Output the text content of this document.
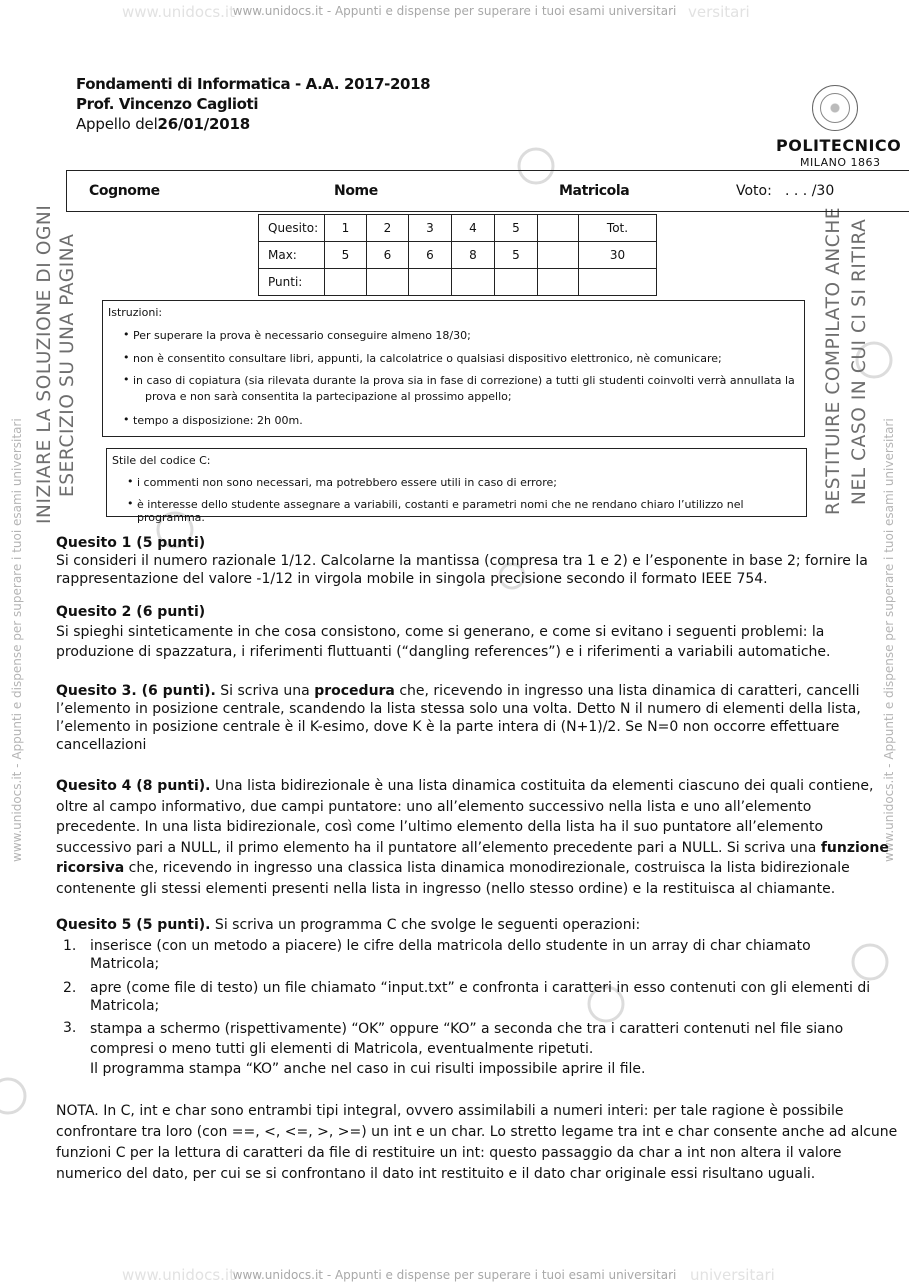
www.unidocs.it - Appunti e dispense per superare i tuoi esami universitari
www.unidocs.it	versitari
www.unidocs.it - Appunti e dispense per superare i tuoi esami universitari
www.unidocs.it	universitari
www.unidocs.it - Appunti e dispense per superare i tuoi esami universitari	www.unidocs.it - Appunti e dispense per superare i tuoi esami universitari
Fondamenti di Informatica - A.A. 2017-2018
Prof. Vincenzo Caglioti
Appello del26/01/2018
POLITECNICO
MILANO 1863
INIZIARE LA SOLUZIONE DI OGNI ESERCIZIO SU UNA PAGINA	RESTITUIRE COMPILATO ANCHE NEL CASO IN CUI CI SI RITIRA
Cognome	Nome	Matricola	Voto: . . . /30
Quesito:	1	2	3	4	5		Tot.
Max:	5	6	6	8	5		30
Punti:							
Istruzioni:
• Per superare la prova è necessario conseguire almeno 18/30;
• non è consentito consultare libri, appunti, la calcolatrice o qualsiasi dispositivo elettronico, nè comunicare;
• in caso di copiatura (sia rilevata durante la prova sia in fase di correzione) a tutti gli studenti coinvolti verrà annullata la
prova e non sarà consentita la partecipazione al prossimo appello;
• tempo a disposizione: 2h 00m.
Stile del codice C:
• i commenti non sono necessari, ma potrebbero essere utili in caso di errore;
• è interesse dello studente assegnare a variabili, costanti e parametri nomi che ne rendano chiaro l’utilizzo nel programma.
Quesito 1 (5 punti)
Si consideri il numero razionale 1/12. Calcolarne la mantissa (compresa tra 1 e 2) e l’esponente in base 2; fornire la
rappresentazione del valore -1/12 in virgola mobile in singola precisione secondo il formato IEEE 754.
Quesito 2 (6 punti)
Si spieghi sinteticamente in che cosa consistono, come si generano, e come si evitano i seguenti problemi: la
produzione di spazzatura, i riferimenti fluttuanti (“dangling references”) e i riferimenti a variabili automatiche.
Quesito 3. (6 punti). Si scriva una procedura che, ricevendo in ingresso una lista dinamica di caratteri, cancelli
l’elemento in posizione centrale, scandendo la lista stessa solo una volta. Detto N il numero di elementi della lista,
l’elemento in posizione centrale è il K-esimo, dove K è la parte intera di (N+1)/2. Se N=0 non occorre effettuare
cancellazioni
Quesito 4 (8 punti). Una lista bidirezionale è una lista dinamica costituita da elementi ciascuno dei quali contiene,
oltre al campo informativo, due campi puntatore: uno all’elemento successivo nella lista e uno all’elemento
precedente. In una lista bidirezionale, così come l’ultimo elemento della lista ha il suo puntatore all’elemento
successivo pari a NULL, il primo elemento ha il puntatore all’elemento precedente pari a NULL. Si scriva una funzione
ricorsiva che, ricevendo in ingresso una classica lista dinamica monodirezionale, costruisca la lista bidirezionale
contenente gli stessi elementi presenti nella lista in ingresso (nello stesso ordine) e la restituisca al chiamante.
Quesito 5 (5 punti). Si scriva un programma C che svolge le seguenti operazioni:
1. inserisce (con un metodo a piacere) le cifre della matricola dello studente in un array di char chiamato
Matricola;
2. apre (come file di testo) un file chiamato “input.txt” e confronta i caratteri in esso contenuti con gli elementi di
Matricola;
3. stampa a schermo (rispettivamente) “OK” oppure “KO” a seconda che tra i caratteri contenuti nel file siano
compresi o meno tutti gli elementi di Matricola, eventualmente ripetuti.
Il programma stampa “KO” anche nel caso in cui risulti impossibile aprire il file.
NOTA. In C, int e char sono entrambi tipi integral, ovvero assimilabili a numeri interi: per tale ragione è possibile
confrontare tra loro (con ==, <, <=, >, >=) un int e un char. Lo stretto legame tra int e char consente anche ad alcune
funzioni C per la lettura di caratteri da file di restituire un int: questo passaggio da char a int non altera il valore
numerico del dato, per cui se si confrontano il dato int restituito e il dato char originale essi risultano uguali.
